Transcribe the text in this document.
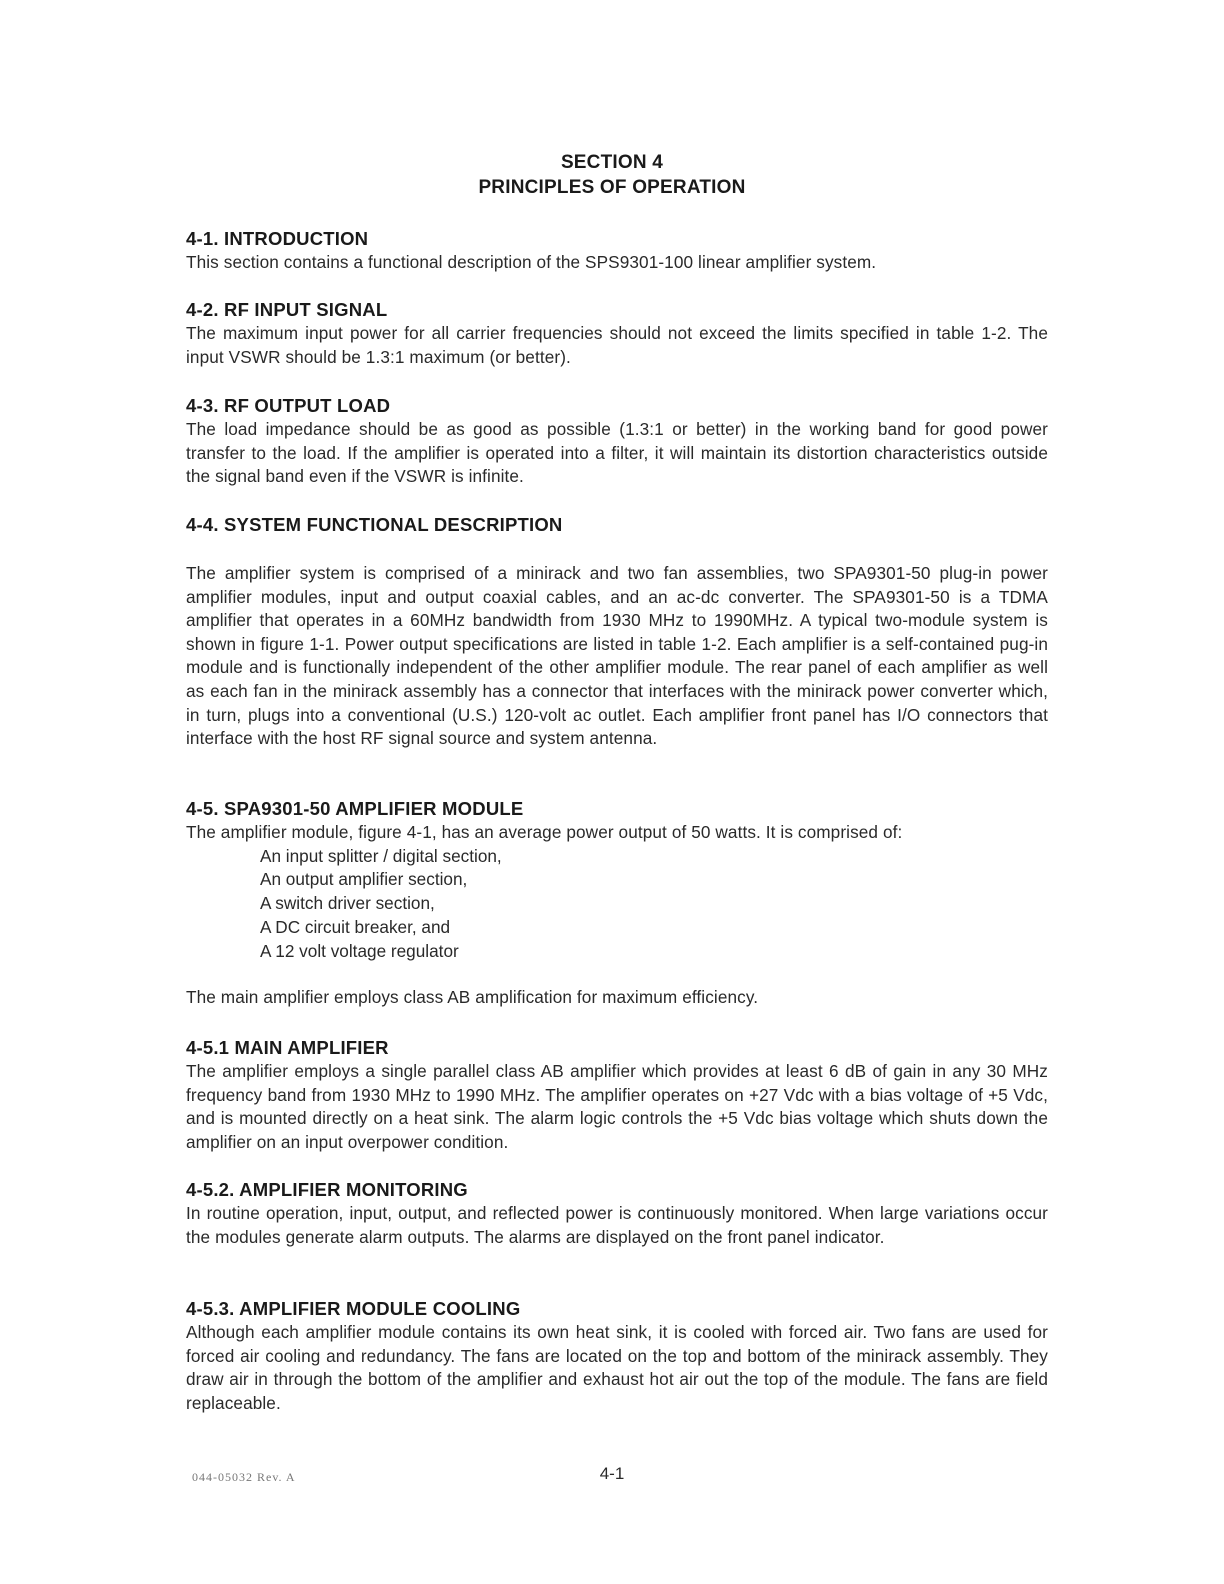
SECTION 4
PRINCIPLES OF OPERATION
4-1. INTRODUCTION

This section contains a functional description of the SPS9301-100 linear amplifier system.

4-2. RF INPUT SIGNAL

The maximum input power for all carrier frequencies should not exceed the limits specified in table 1-2. The input VSWR should be 1.3:1 maximum (or better).

4-3. RF OUTPUT LOAD

The load impedance should be as good as possible (1.3:1 or better) in the working band for good power transfer to the load. If the amplifier is operated into a filter, it will maintain its distortion characteristics outside the signal band even if the VSWR is infinite.

4-4. SYSTEM FUNCTIONAL DESCRIPTION

The amplifier system is comprised of a minirack and two fan assemblies, two SPA9301-50 plug-in power amplifier modules, input and output coaxial cables, and an ac-dc converter. The SPA9301-50 is a TDMA amplifier that operates in a 60MHz bandwidth from 1930 MHz to 1990MHz. A typical two-module system is shown in figure 1-1. Power output specifications are listed in table 1-2. Each amplifier is a self-contained pug-in module and is functionally independent of the other amplifier module. The rear panel of each amplifier as well as each fan in the minirack assembly has a connector that interfaces with the minirack power converter which, in turn, plugs into a conventional (U.S.) 120-volt ac outlet. Each amplifier front panel has I/O connectors that interface with the host RF signal source and system antenna.

4-5. SPA9301-50 AMPLIFIER MODULE

The amplifier module, figure 4-1, has an average power output of 50 watts. It is comprised of:

An input splitter / digital section,
An output amplifier section,
A switch driver section,
A DC circuit breaker, and
A 12 volt voltage regulator

The main amplifier employs class AB amplification for maximum efficiency.

4-5.1 MAIN AMPLIFIER

The amplifier employs a single parallel class AB amplifier which provides at least 6 dB of gain in any 30 MHz frequency band from 1930 MHz to 1990 MHz. The amplifier operates on +27 Vdc with a bias voltage of +5 Vdc, and is mounted directly on a heat sink. The alarm logic controls the +5 Vdc bias voltage which shuts down the amplifier on an input overpower condition.

4-5.2. AMPLIFIER MONITORING

In routine operation, input, output, and reflected power is continuously monitored. When large variations occur the modules generate alarm outputs. The alarms are displayed on the front panel indicator.

4-5.3. AMPLIFIER MODULE COOLING

Although each amplifier module contains its own heat sink, it is cooled with forced air. Two fans are used for forced air cooling and redundancy. The fans are located on the top and bottom of the minirack assembly. They draw air in through the bottom of the amplifier and exhaust hot air out the top of the module. The fans are field replaceable.

044-05032 Rev. A	4-1
